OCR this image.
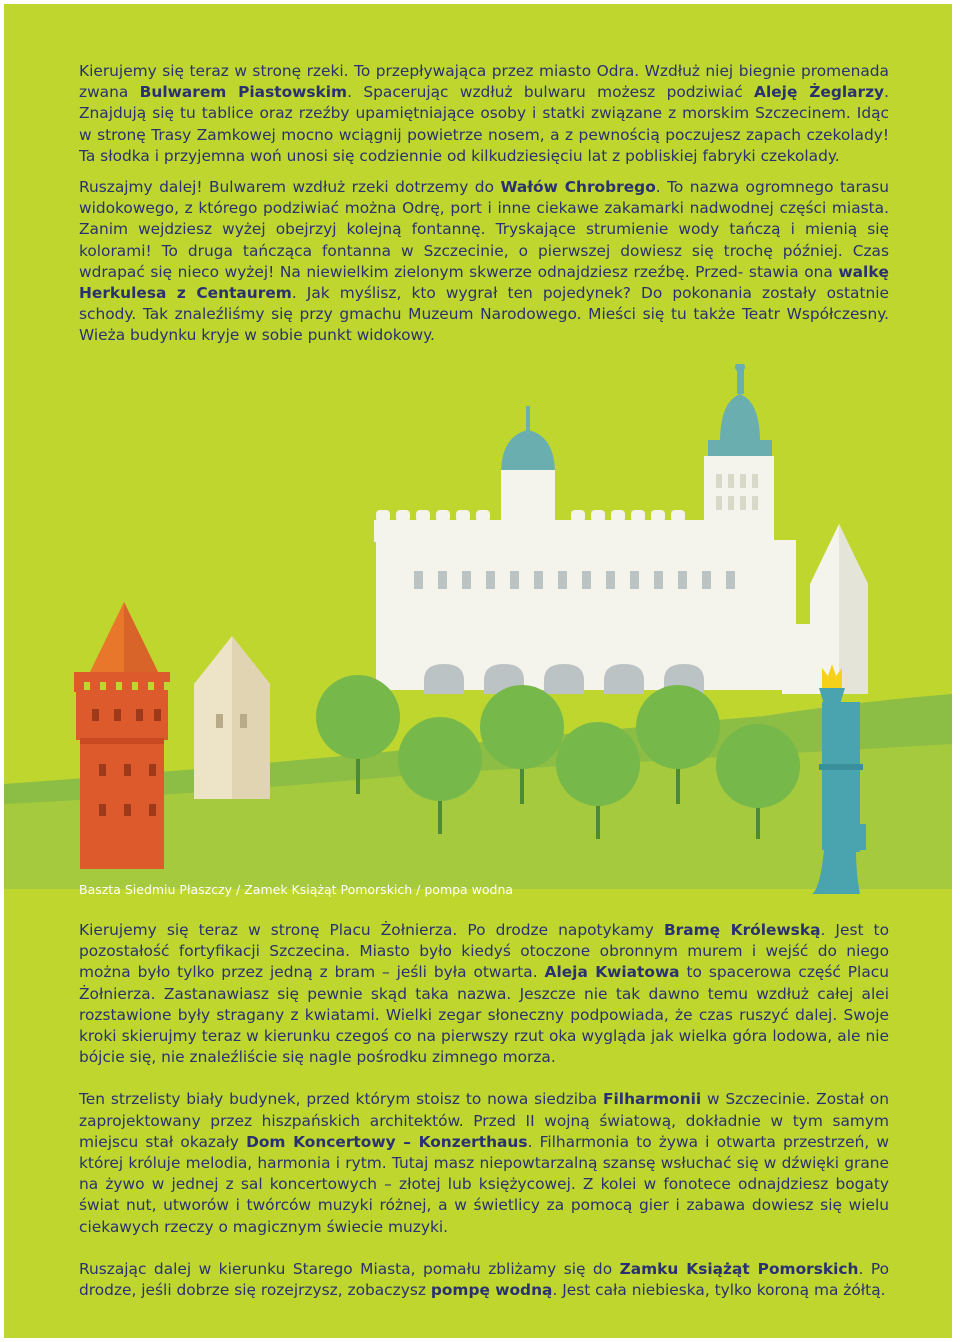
Kierujemy się teraz w stronę rzeki. To przepływająca przez miasto Odra. Wzdłuż niej biegnie promenada zwana Bulwarem Piastowskim. Spacerując wzdłuż bulwaru możesz podziwiać Aleję Żeglarzy. Znajdują się tu tablice oraz rzeźby upamiętniające osoby i statki związane z morskim Szczecinem. Idąc w stronę Trasy Zamkowej mocno wciągnij powietrze nosem, a z pewnością poczujesz zapach czekolady! Ta słodka i przyjemna woń unosi się codziennie od kilkudziesięciu lat z pobliskiej fabryki czekolady.

Ruszajmy dalej! Bulwarem wzdłuż rzeki dotrzemy do Wałów Chrobrego. To nazwa ogromnego tarasu widokowego, z którego podziwiać można Odrę, port i inne ciekawe zakamarki nadwodnej części miasta. Zanim wejdziesz wyżej obejrzyj kolejną fontannę. Tryskające strumienie wody tańczą i mienią się kolorami! To druga tańcząca fontanna w Szczecinie, o pierwszej dowiesz się trochę później. Czas wdrapać się nieco wyżej! Na niewielkim zielonym skwerze odnajdziesz rzeźbę. Przed- stawia ona walkę Herkulesa z Centaurem. Jak myślisz, kto wygrał ten pojedynek? Do pokonania zostały ostatnie schody. Tak znaleźliśmy się przy gmachu Muzeum Narodowego. Mieści się tu także Teatr Współczesny. Wieża budynku kryje w sobie punkt widokowy.

Baszta Siedmiu Płaszczy / Zamek Książąt Pomorskich / pompa wodna

Kierujemy się teraz w stronę Placu Żołnierza. Po drodze napotykamy Bramę Królewską. Jest to pozostałość fortyfikacji Szczecina. Miasto było kiedyś otoczone obronnym murem i wejść do niego można było tylko przez jedną z bram – jeśli była otwarta. Aleja Kwiatowa to spacerowa część Placu Żołnierza. Zastanawiasz się pewnie skąd taka nazwa. Jeszcze nie tak dawno temu wzdłuż całej alei rozstawione były stragany z kwiatami. Wielki zegar słoneczny podpowiada, że czas ruszyć dalej. Swoje kroki skierujmy teraz w kierunku czegoś co na pierwszy rzut oka wygląda jak wielka góra lodowa, ale nie bójcie się, nie znaleźliście się nagle pośrodku zimnego morza.

Ten strzelisty biały budynek, przed którym stoisz to nowa siedziba Filharmonii w Szczecinie. Został on zaprojektowany przez hiszpańskich architektów. Przed II wojną światową, dokładnie w tym samym miejscu stał okazały Dom Koncertowy – Konzerthaus. Filharmonia to żywa i otwarta przestrzeń, w której króluje melodia, harmonia i rytm. Tutaj masz niepowtarzalną szansę wsłuchać się w dźwięki grane na żywo w jednej z sal koncertowych – złotej lub księżycowej. Z kolei w fonotece odnajdziesz bogaty świat nut, utworów i twórców muzyki różnej, a w świetlicy za pomocą gier i zabawa dowiesz się wielu ciekawych rzeczy o magicznym świecie muzyki.

Ruszając dalej w kierunku Starego Miasta, pomału zbliżamy się do Zamku Książąt Pomorskich. Po drodze, jeśli dobrze się rozejrzysz, zobaczysz pompę wodną. Jest cała niebieska, tylko koroną ma żółtą.
